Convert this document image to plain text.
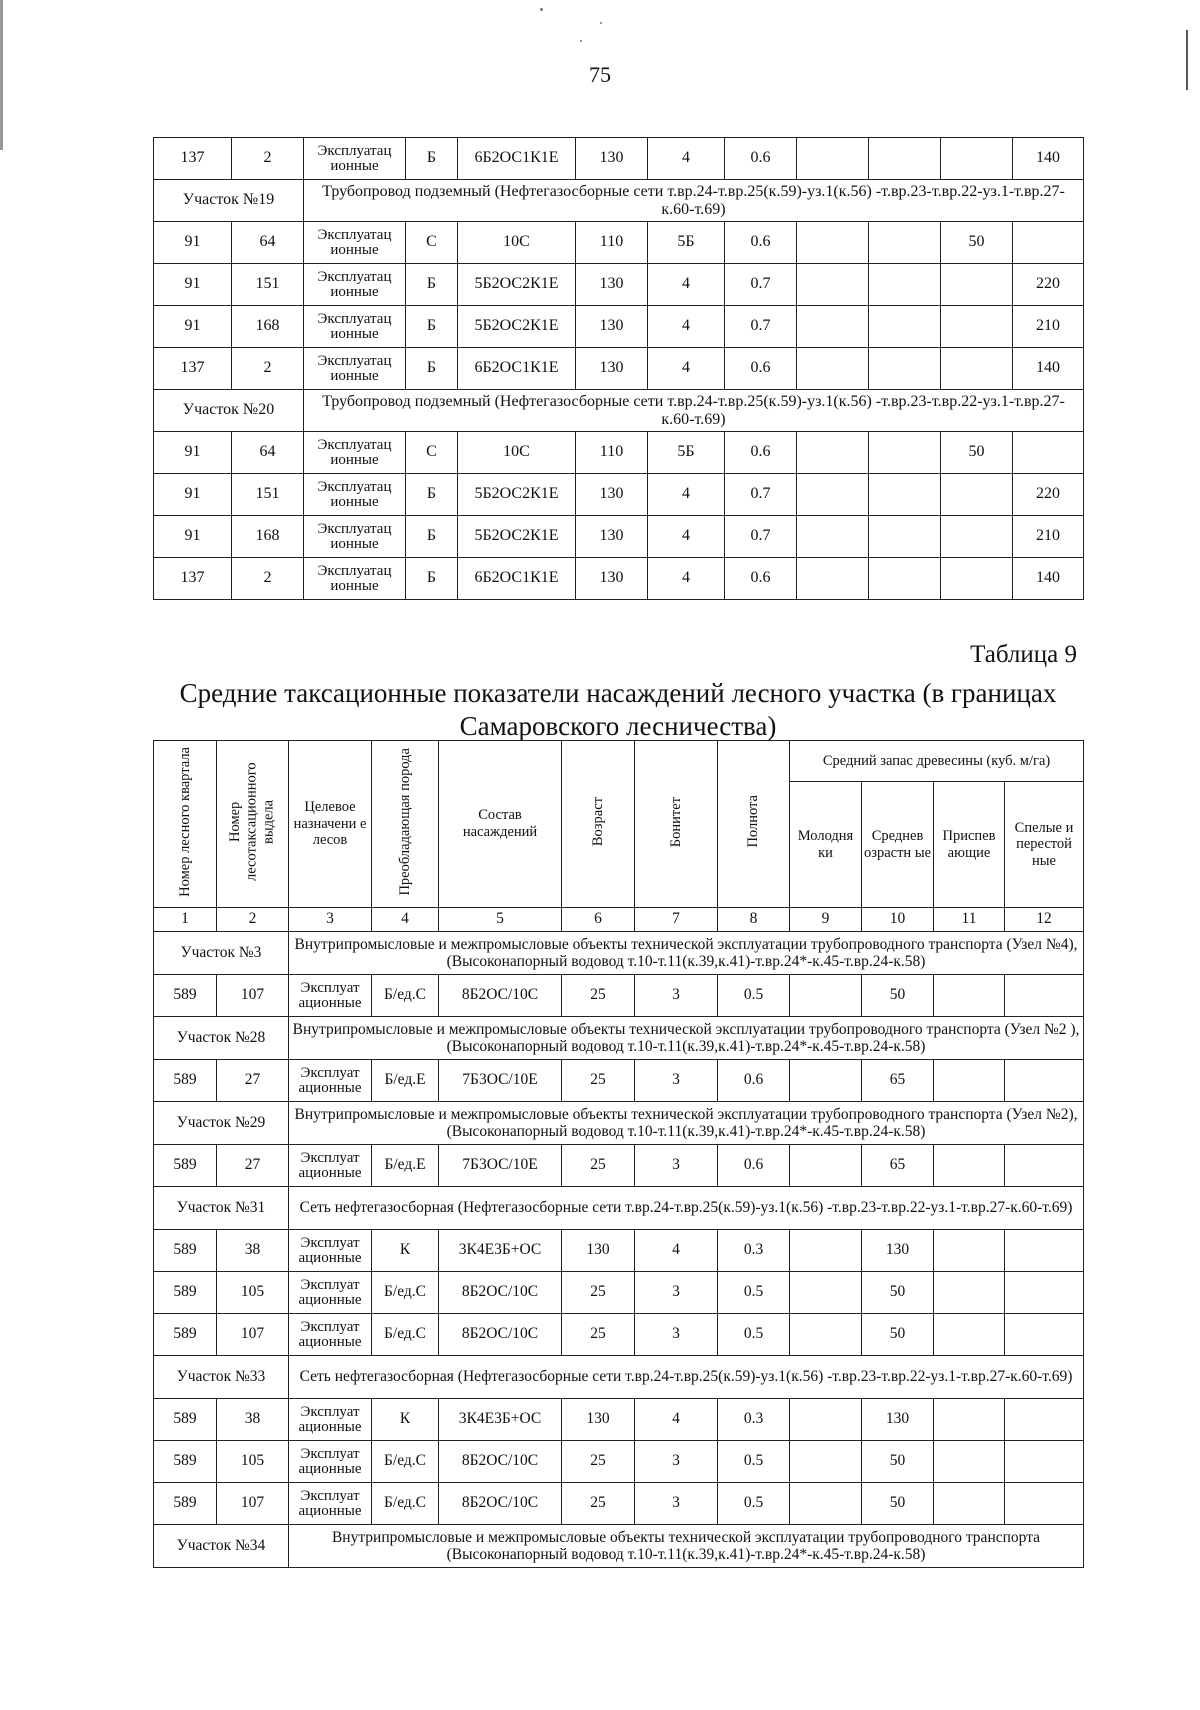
75
137	2	Эксплуатац ионные	Б	6Б2ОС1К1Е	130	4	0.6				140
Участок №19		Трубопровод подземный (Нефтегазосборные сети т.вр.24-т.вр.25(к.59)-уз.1(к.56) -т.вр.23-т.вр.22-уз.1-т.вр.27-к.60-т.69)									
91	64	Эксплуатац ионные	С	10С	110	5Б	0.6			50	
91	151	Эксплуатац ионные	Б	5Б2ОС2К1Е	130	4	0.7				220
91	168	Эксплуатац ионные	Б	5Б2ОС2К1Е	130	4	0.7				210
137	2	Эксплуатац ионные	Б	6Б2ОС1К1Е	130	4	0.6				140
Участок №20		Трубопровод подземный (Нефтегазосборные сети т.вр.24-т.вр.25(к.59)-уз.1(к.56) -т.вр.23-т.вр.22-уз.1-т.вр.27-к.60-т.69)									
91	64	Эксплуатац ионные	С	10С	110	5Б	0.6			50	
91	151	Эксплуатац ионные	Б	5Б2ОС2К1Е	130	4	0.7				220
91	168	Эксплуатац ионные	Б	5Б2ОС2К1Е	130	4	0.7				210
137	2	Эксплуатац ионные	Б	6Б2ОС1К1Е	130	4	0.6				140
Таблица 9
Средние таксационные показатели насаждений лесного участка (в границах Самаровского лесничества)
Номер лесного квартала	Номер лесотаксационного выдела	Целевое назначени е лесов	Преобладающая порода	Состав насаждений	Возраст	Бонитет	Полнота	Средний запас древесины (куб. м/га)			
								Молодня ки	Среднев озрастн ые	Приспев ающие	Спелые и перестой ные
1	2	3	4	5	6	7	8	9	10	11	12
Участок №3		Внутрипромысловые и межпромысловые объекты технической эксплуатации трубопроводного транспорта (Узел №4), (Высоконапорный водовод т.10-т.11(к.39,к.41)-т.вр.24*-к.45-т.вр.24-к.58)									
589	107	Эксплуат ационные	Б/ед.С	8Б2ОС/10С	25	3	0.5		50		
Участок №28		Внутрипромысловые и межпромысловые объекты технической эксплуатации трубопроводного транспорта (Узел №2 ), (Высоконапорный водовод т.10-т.11(к.39,к.41)-т.вр.24*-к.45-т.вр.24-к.58)									
589	27	Эксплуат ационные	Б/ед.Е	7Б3ОС/10Е	25	3	0.6		65		
Участок №29		Внутрипромысловые и межпромысловые объекты технической эксплуатации трубопроводного транспорта (Узел №2), (Высоконапорный водовод т.10-т.11(к.39,к.41)-т.вр.24*-к.45-т.вр.24-к.58)									
589	27	Эксплуат ационные	Б/ед.Е	7Б3ОС/10Е	25	3	0.6		65		
Участок №31		Сеть нефтегазосборная (Нефтегазосборные сети т.вр.24-т.вр.25(к.59)-уз.1(к.56) -т.вр.23-т.вр.22-уз.1-т.вр.27-к.60-т.69)									
589	38	Эксплуат ационные	К	3К4Е3Б+ОС	130	4	0.3		130		
589	105	Эксплуат ационные	Б/ед.С	8Б2ОС/10С	25	3	0.5		50		
589	107	Эксплуат ационные	Б/ед.С	8Б2ОС/10С	25	3	0.5		50		
Участок №33		Сеть нефтегазосборная (Нефтегазосборные сети т.вр.24-т.вр.25(к.59)-уз.1(к.56) -т.вр.23-т.вр.22-уз.1-т.вр.27-к.60-т.69)									
589	38	Эксплуат ационные	К	3К4Е3Б+ОС	130	4	0.3		130		
589	105	Эксплуат ационные	Б/ед.С	8Б2ОС/10С	25	3	0.5		50		
589	107	Эксплуат ационные	Б/ед.С	8Б2ОС/10С	25	3	0.5		50		
Участок №34		Внутрипромысловые и межпромысловые объекты технической эксплуатации трубопроводного транспорта (Высоконапорный водовод т.10-т.11(к.39,к.41)-т.вр.24*-к.45-т.вр.24-к.58)									
